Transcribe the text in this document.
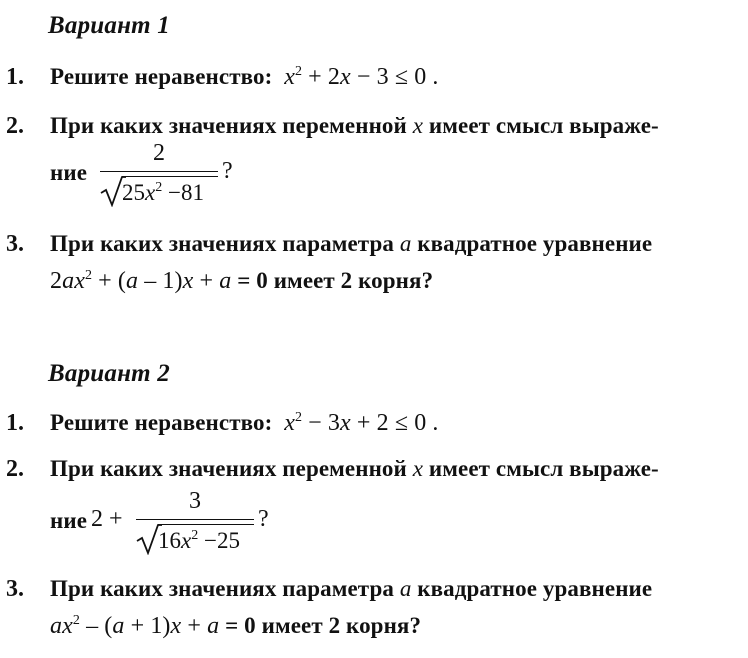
Вариант 1
1. Решите неравенство: $x^2 + 2x - 3 \le 0$ .
2. При каких значениях переменной x имеет смысл выраже-
ние
2
$25x^2 -81$
?
3. При каких значениях параметра a квадратное уравнение
$2ax^2 + (a - 1)x + a = 0$ имеет 2 корня?
Вариант 2
1. Решите неравенство: $x^2 - 3x + 2 \le 0$ .
2. При каких значениях переменной x имеет смысл выраже-
ние 2 +
3
$16x^2 -25$
?
3. При каких значениях параметра a квадратное уравнение
$ax^2 - (a + 1)x + a = 0$ имеет 2 корня?
